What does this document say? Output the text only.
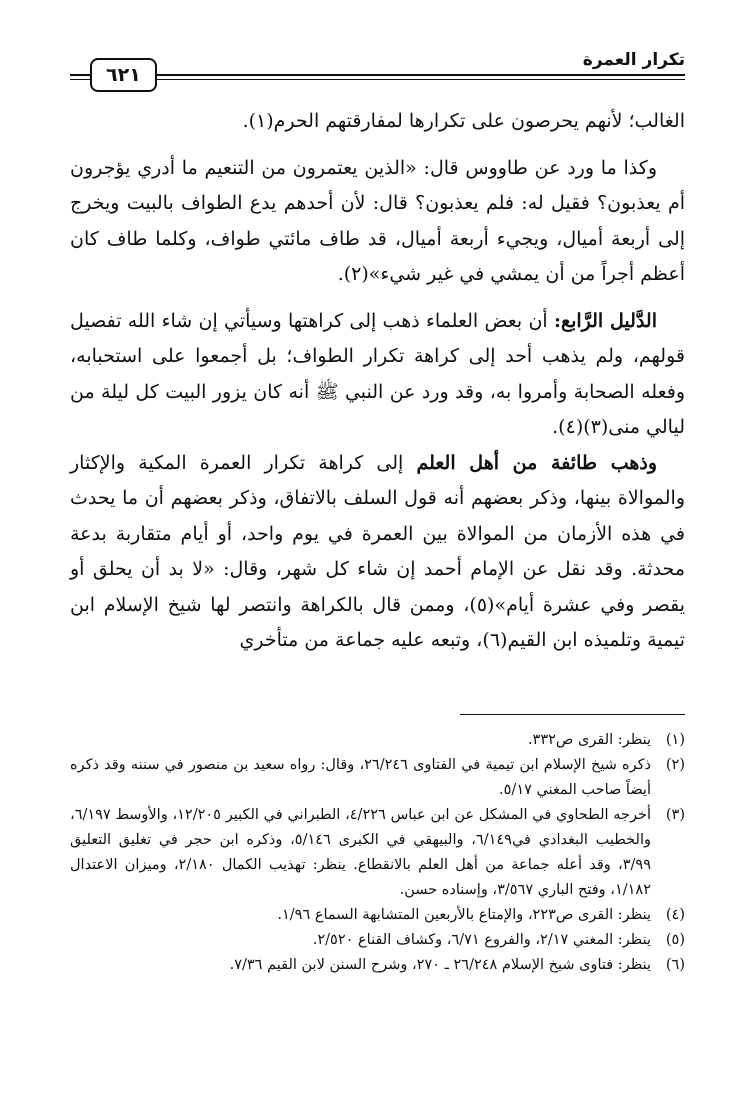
تكرار العمرة
٦٢١

الغالب؛ لأنهم يحرصون على تكرارها لمفارقتهم الحرم(١).

وكذا ما ورد عن طاووس قال: «الذين يعتمرون من التنعيم ما أدري يؤجرون أم يعذبون؟ فقيل له: فلم يعذبون؟ قال: لأن أحدهم يدع الطواف بالبيت ويخرج إلى أربعة أميال، ويجيء أربعة أميال، قد طاف مائتي طواف، وكلما طاف كان أعظم أجراً من أن يمشي في غير شيء»(٢).

الدَّليل الرَّابع: أن بعض العلماء ذهب إلى كراهتها وسيأتي إن شاء الله تفصيل قولهم، ولم يذهب أحد إلى كراهة تكرار الطواف؛ بل أجمعوا على استحبابه، وفعله الصحابة وأمروا به، وقد ورد عن النبي ﷺ أنه كان يزور البيت كل ليلة من ليالي منى(٣)(٤).

وذهب طائفة من أهل العلم إلى كراهة تكرار العمرة المكية والإكثار والموالاة بينها، وذكر بعضهم أنه قول السلف بالاتفاق، وذكر بعضهم أن ما يحدث في هذه الأزمان من الموالاة بين العمرة في يوم واحد، أو أيام متقاربة بدعة محدثة. وقد نقل عن الإمام أحمد إن شاء كل شهر، وقال: «لا بد أن يحلق أو يقصر وفي عشرة أيام»(٥)، وممن قال بالكراهة وانتصر لها شيخ الإسلام ابن تيمية وتلميذه ابن القيم(٦)، وتبعه عليه جماعة من متأخري

(١)
ينظر: القرى ص٣٣٢.
(٢)
ذكره شيخ الإسلام ابن تيمية في الفتاوى ٢٦/٢٤٦، وقال: رواه سعيد بن منصور في سننه وقد ذكره أيضاً صاحب المغني ٥/١٧.
(٣)
أخرجه الطحاوي في المشكل عن ابن عباس ٤/٢٢٦، الطبراني في الكبير ١٢/٢٠٥، والأوسط ٦/١٩٧، والخطيب البغدادي في٦/١٤٩، والبيهقي في الكبرى ٥/١٤٦، وذكره ابن حجر في تغليق التعليق ٣/٩٩، وقد أعله جماعة من أهل العلم بالانقطاع. ينظر: تهذيب الكمال ٢/١٨٠، وميزان الاعتدال ١/١٨٢، وفتح الباري ٣/٥٦٧، وإسناده حسن.
(٤)
ينظر: القرى ص٢٢٣، والإمتاع بالأربعين المتشابهة السماع ١/٩٦.
(٥)
ينظر: المغني ٢/١٧، والفروع ٦/٧١، وكشاف القناع ٢/٥٢٠.
(٦)
ينظر: فتاوى شيخ الإسلام ٢٦/٢٤٨ ـ ٢٧٠، وشرح السنن لابن القيم ٧/٣٦.
